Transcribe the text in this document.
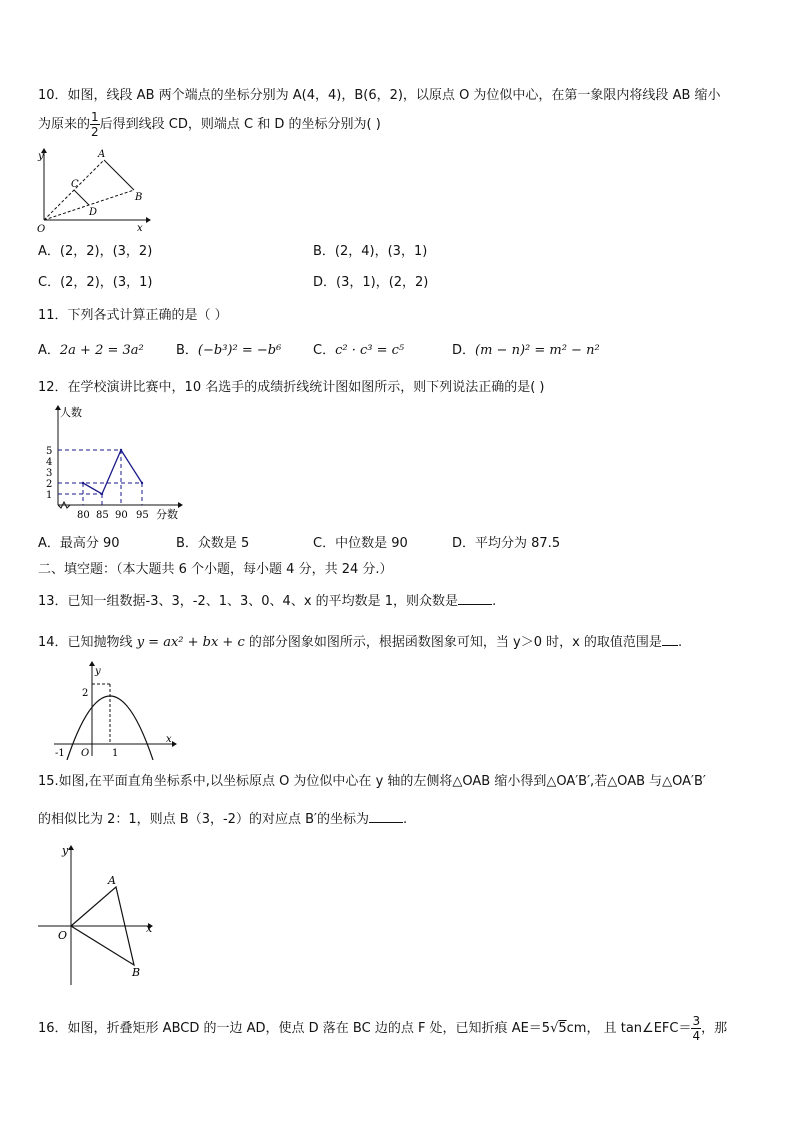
10．如图，线段 AB 两个端点的坐标分别为 A(4，4)，B(6，2)，以原点 O 为位似中心，在第一象限内将线段 AB 缩小
为原来的 $\frac{1}{2}$ 后得到线段 CD，则端点 C 和 D 的坐标分别为( )
y
x
O
A
B
C
D
A．(2，2)，(3，2)	B．(2，4)，(3，1)
C．(2，2)，(3，1)	D．(3，1)，(2，2)
11．下列各式计算正确的是（ ）
A．2a + 2 = 3a² B．(−b³)² = −b⁶ C．c² · c³ = c⁵	D．(m − n)² = m² − n²
12．在学校演讲比赛中，10 名选手的成绩折线统计图如图所示，则下列说法正确的是( )
人数
分数
1
2
3
4
5
80 85 90 95
A．最高分 90	B．众数是 5	C．中位数是 90	D．平均分为 87.5
二、填空题：（本大题共 6 个小题，每小题 4 分，共 24 分.）
13．已知一组数据-3、3，-2、1、3、0、4、x 的平均数是 1，则众数是	.
14．已知抛物线 y = ax² + bx + c 的部分图象如图所示，根据函数图象可知，当 y＞0 时，x 的取值范围是 .
y
x
2
-1 O 1
15.如图,在平面直角坐标系中,以坐标原点 O 为位似中心在 y 轴的左侧将△OAB 缩小得到△OA′B′,若△OAB 与△OA′B′
的相似比为 2：1，则点 B（3，-2）的对应点 B′的坐标为	.
y
x
O
A
B
16．如图，折叠矩形 ABCD 的一边 AD，使点 D 落在 BC 边的点 F 处，已知折痕 AE＝5√5cm， 且 tan∠EFC＝ $\frac{3}{4}$ ，那
